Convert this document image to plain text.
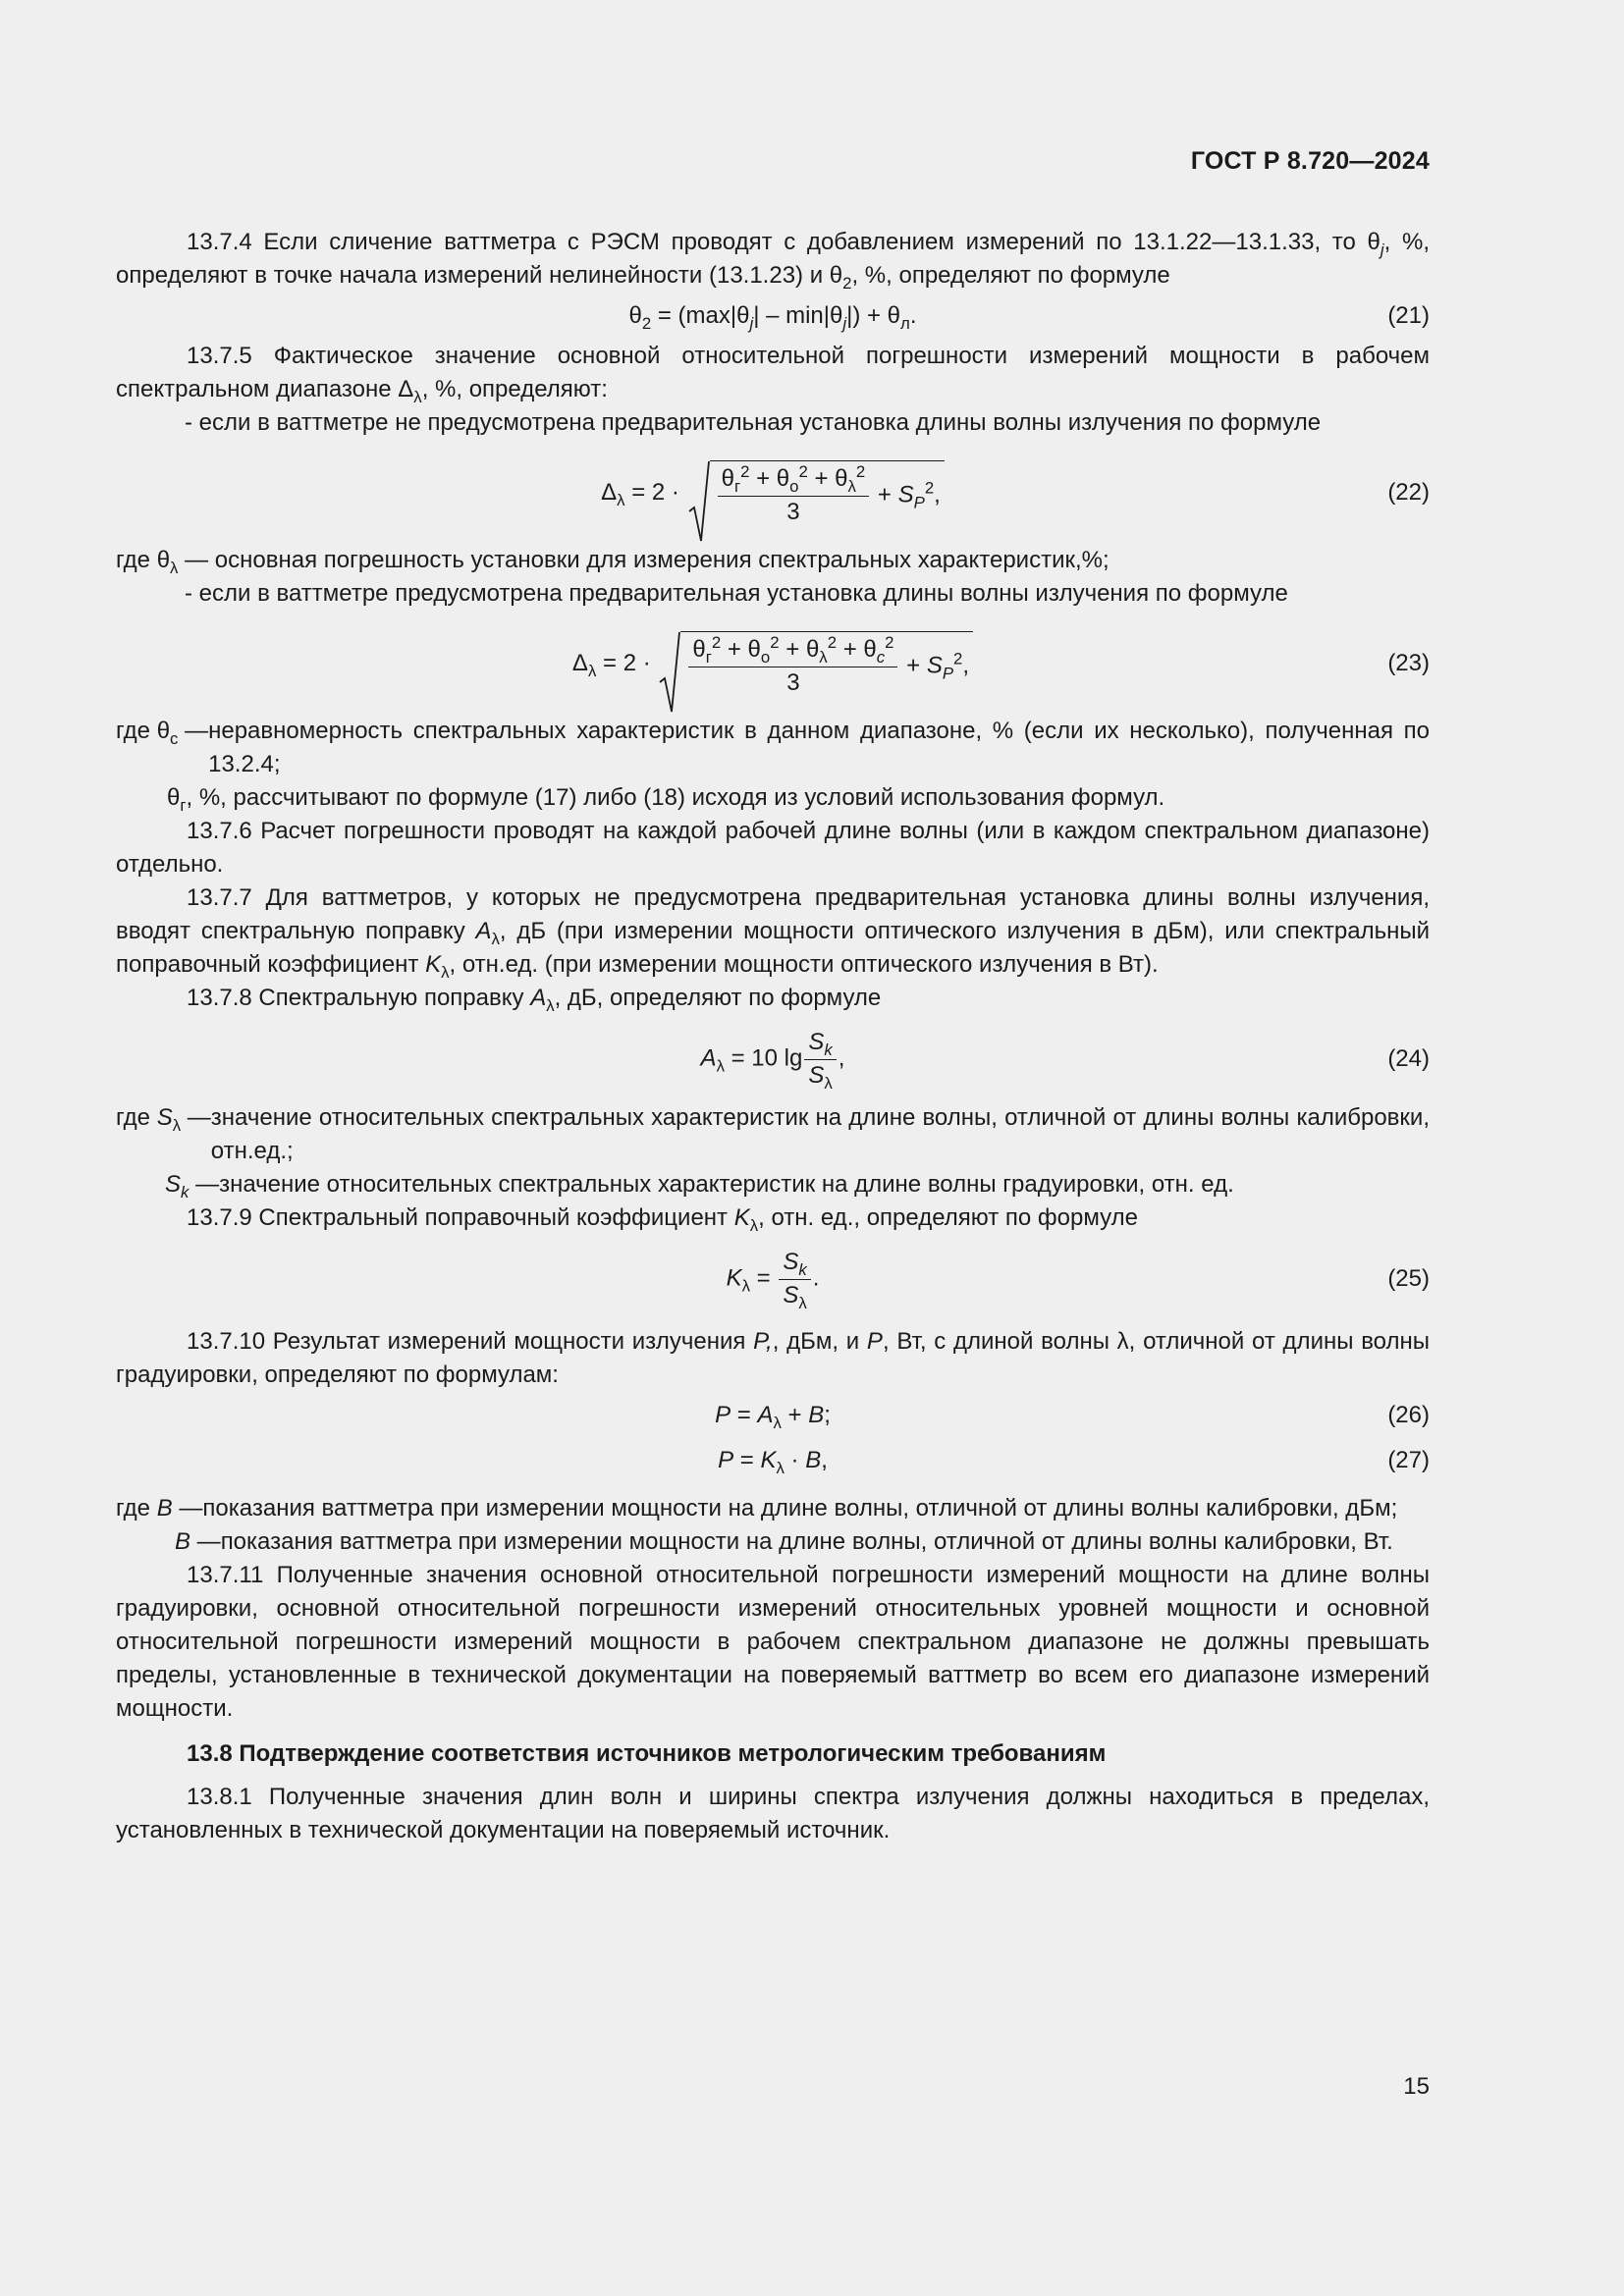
ГОСТ Р 8.720—2024

13.7.4 Если сличение ваттметра с РЭСМ проводят с добавлением измерений по 13.1.22—13.1.33, то $\theta_j$, %, определяют в точке начала измерений нелинейности (13.1.23) и $\theta_2$, %, определяют по формуле

$\theta_2 = (\max|\theta_j| - \min|\theta_j|) + \theta_л$.	(21)

13.7.5 Фактическое значение основной относительной погрешности измерений мощности в рабочем спектральном диапазоне $\Delta_\lambda$, %, определяют:

- если в ваттметре не предусмотрена предварительная установка длины волны излучения по формуле

$\Delta_\lambda = 2 \cdot \frac{\theta_г^2 + \theta_о^2 + \theta_\lambda^2}{3} + S_P^2$,	(22)

где $\theta_\lambda$ — основная погрешность установки для измерения спектральных характеристик,%;

- если в ваттметре предусмотрена предварительная установка длины волны излучения по формуле

$\Delta_\lambda = 2 \cdot \frac{\theta_г^2 + \theta_о^2 + \theta_\lambda^2 + \theta_c^2}{3} + S_P^2$,	(23)
где $\theta_c$ — неравномерность спектральных характеристик в данном диапазоне, % (если их несколько), полученная по 13.2.4;

$\theta_г$, %, рассчитывают по формуле (17) либо (18) исходя из условий использования формул.

13.7.6 Расчет погрешности проводят на каждой рабочей длине волны (или в каждом спектральном диапазоне) отдельно.

13.7.7 Для ваттметров, у которых не предусмотрена предварительная установка длины волны излучения, вводят спектральную поправку $A_\lambda$, дБ (при измерении мощности оптического излучения в дБм), или спектральный поправочный коэффициент $K_\lambda$, отн.ед. (при измерении мощности оптического излучения в Вт).

13.7.8 Спектральную поправку $A_\lambda$, дБ, определяют по формуле

$A_\lambda = 10$ $\lg \frac{S_k}{S_\lambda}$ ,	(24)
где $S_\lambda$ — значение относительных спектральных характеристик на длине волны, отличной от длины волны калибровки, отн.ед.;
$S_k$ — значение относительных спектральных характеристик на длине волны градуировки, отн. ед.

13.7.9 Спектральный поправочный коэффициент $K_\lambda$, отн. ед., определяют по формуле

$K_\lambda = \frac{S_k}{S_\lambda}$ .	(25)

13.7.10 Результат измерений мощности излучения P,, дБм, и P, Вт, с длиной волны λ, отличной от длины волны градуировки, определяют по формулам:

$P = A_\lambda + B$;	(26)
$P = K_\lambda \cdot B$,	(27)
где B — показания ваттметра при измерении мощности на длине волны, отличной от длины волны калибровки, дБм;
B — показания ваттметра при измерении мощности на длине волны, отличной от длины волны калибровки, Вт.

13.7.11 Полученные значения основной относительной погрешности измерений мощности на длине волны градуировки, основной относительной погрешности измерений относительных уровней мощности и основной относительной погрешности измерений мощности в рабочем спектральном диапазоне не должны превышать пределы, установленные в технической документации на поверяемый ваттметр во всем его диапазоне измерений мощности.

13.8 Подтверждение соответствия источников метрологическим требованиям

13.8.1 Полученные значения длин волн и ширины спектра излучения должны находиться в пределах, установленных в технической документации на поверяемый источник.

15
